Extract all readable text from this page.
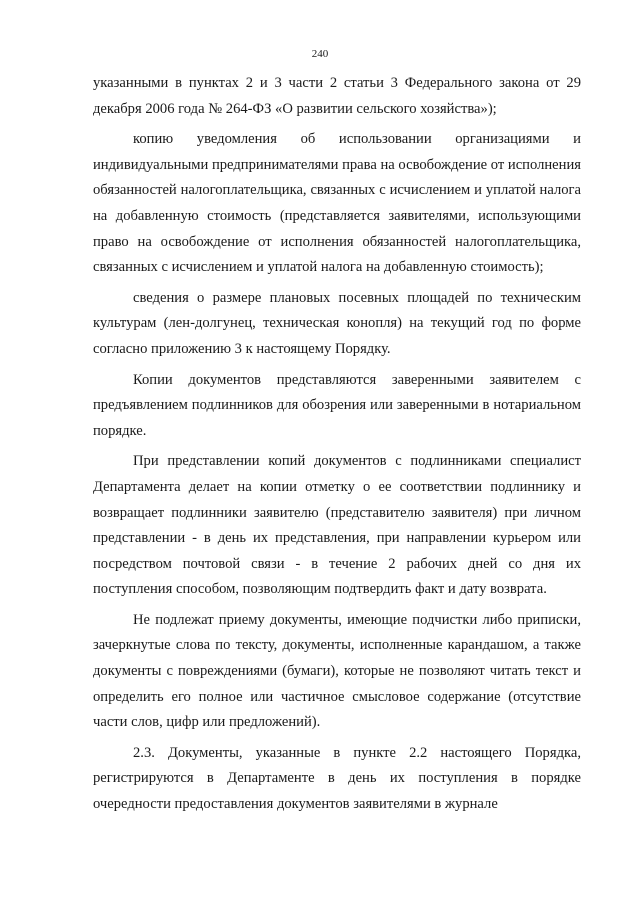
240

указанными в пунктах 2 и 3 части 2 статьи 3 Федерального закона от 29 декабря 2006 года № 264-ФЗ «О развитии сельского хозяйства»);

копию уведомления об использовании организациями и индивидуальными предпринимателями права на освобождение от исполнения обязанностей налогоплательщика, связанных с исчислением и уплатой налога на добавленную стоимость (представляется заявителями, использующими право на освобождение от исполнения обязанностей налогоплательщика, связанных с исчислением и уплатой налога на добавленную стоимость);

сведения о размере плановых посевных площадей по техническим культурам (лен-долгунец, техническая конопля) на текущий год по форме согласно приложению 3 к настоящему Порядку.

Копии документов представляются заверенными заявителем с предъявлением подлинников для обозрения или заверенными в нотариальном порядке.

При представлении копий документов с подлинниками специалист Департамента делает на копии отметку о ее соответствии подлиннику и возвращает подлинники заявителю (представителю заявителя) при личном представлении - в день их представления, при направлении курьером или посредством почтовой связи - в течение 2 рабочих дней со дня их поступления способом, позволяющим подтвердить факт и дату возврата.

Не подлежат приему документы, имеющие подчистки либо приписки, зачеркнутые слова по тексту, документы, исполненные карандашом, а также документы с повреждениями (бумаги), которые не позволяют читать текст и определить его полное или частичное смысловое содержание (отсутствие части слов, цифр или предложений).

2.3. Документы, указанные в пункте 2.2 настоящего Порядка, регистрируются в Департаменте в день их поступления в порядке очередности предоставления документов заявителями в журнале
